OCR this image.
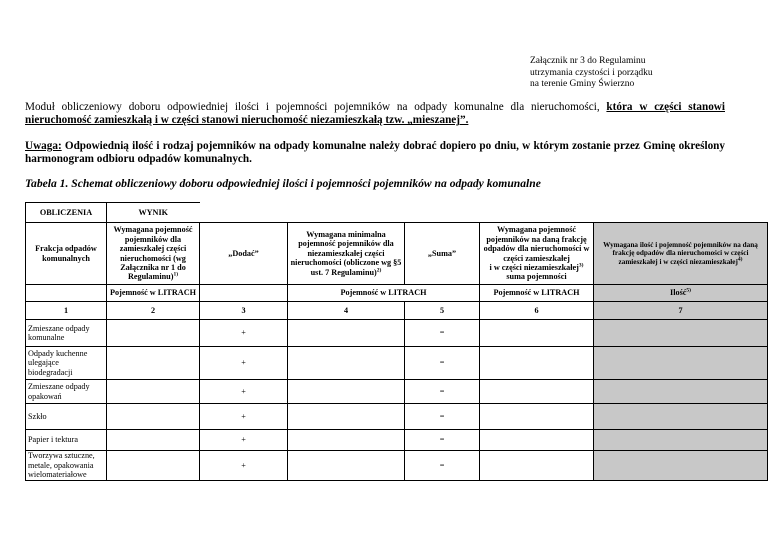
Załącznik nr 3 do Regulaminu
utrzymania czystości i porządku
na terenie Gminy Świerzno
Moduł obliczeniowy doboru odpowiedniej ilości i pojemności pojemników na odpady komunalne dla nieruchomości, która w części stanowi nieruchomość zamieszkałą i w części stanowi nieruchomość niezamieszkałą tzw. „mieszanej”.
Uwaga: Odpowiednią ilość i rodzaj pojemników na odpady komunalne należy dobrać dopiero po dniu, w którym zostanie przez Gminę określony harmonogram odbioru odpadów komunalnych.
Tabela 1. Schemat obliczeniowy doboru odpowiedniej ilości i pojemności pojemników na odpady komunalne
OBLICZENIA	WYNIK					
Frakcja odpadów komunalnych	Wymagana pojemność pojemników dla zamieszkałej części nieruchomości (wg Załącznika nr 1 do Regulaminu)$^{1)}$	„Dodać”	Wymagana minimalna pojemność pojemników dla niezamieszkałej części nieruchomości (obliczone wg §5 ust. 7 Regulaminu)$^{2)}$	„Suma”	Wymagana pojemność pojemników na daną frakcję odpadów dla nieruchomości w części zamieszkałej
i w części niezamieszkałej$^{3)}$
suma pojemności	Wymagana ilość i pojemność pojemników na daną frakcję odpadów dla nieruchomości w części zamieszkałej i w części niezamieszkałej$^{4)}$
	Pojemność w LITRACH		Pojemność w LITRACH		Pojemność w LITRACH	Ilość$^{5)}$
1	2	3	4	5	6	7
Zmieszane odpady komunalne		+		=		
Odpady kuchenne ulegające biodegradacji		+		=		
Zmieszane odpady opakowań		+		=		
Szkło		+		=		
Papier i tektura		+		=		
Tworzywa sztuczne, metale, opakowania wielomateriałowe		+		=		
